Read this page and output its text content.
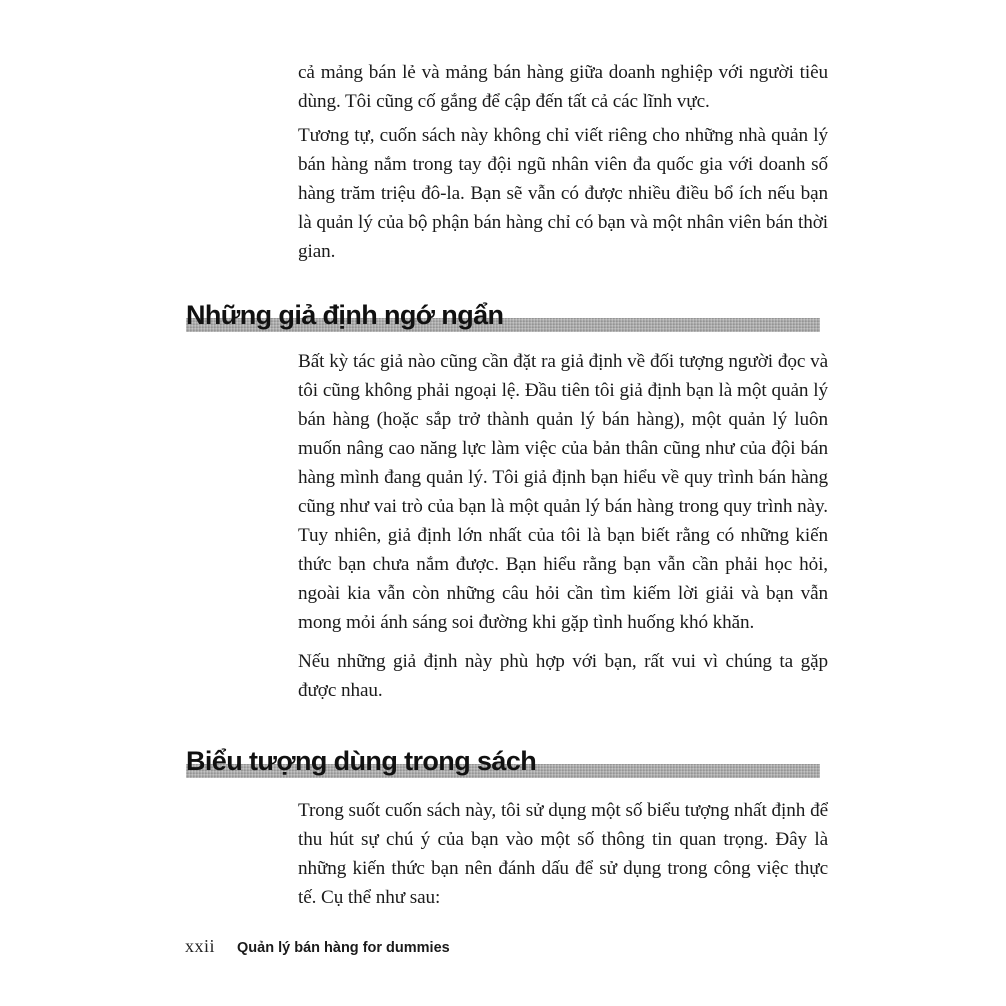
cả mảng bán lẻ và mảng bán hàng giữa doanh nghiệp với người tiêu dùng. Tôi cũng cố gắng để cập đến tất cả các lĩnh vực.

Tương tự, cuốn sách này không chỉ viết riêng cho những nhà quản lý bán hàng nắm trong tay đội ngũ nhân viên đa quốc gia với doanh số hàng trăm triệu đô-la. Bạn sẽ vẫn có được nhiều điều bổ ích nếu bạn là quản lý của bộ phận bán hàng chỉ có bạn và một nhân viên bán thời gian.

Những giả định ngớ ngẩn

Bất kỳ tác giả nào cũng cần đặt ra giả định về đối tượng người đọc và tôi cũng không phải ngoại lệ. Đầu tiên tôi giả định bạn là một quản lý bán hàng (hoặc sắp trở thành quản lý bán hàng), một quản lý luôn muốn nâng cao năng lực làm việc của bản thân cũng như của đội bán hàng mình đang quản lý. Tôi giả định bạn hiểu về quy trình bán hàng cũng như vai trò của bạn là một quản lý bán hàng trong quy trình này. Tuy nhiên, giả định lớn nhất của tôi là bạn biết rằng có những kiến thức bạn chưa nắm được. Bạn hiểu rằng bạn vẫn cần phải học hỏi, ngoài kia vẫn còn những câu hỏi cần tìm kiếm lời giải và bạn vẫn mong mỏi ánh sáng soi đường khi gặp tình huống khó khăn.

Nếu những giả định này phù hợp với bạn, rất vui vì chúng ta gặp được nhau.

Biểu tượng dùng trong sách

Trong suốt cuốn sách này, tôi sử dụng một số biểu tượng nhất định để thu hút sự chú ý của bạn vào một số thông tin quan trọng. Đây là những kiến thức bạn nên đánh dấu để sử dụng trong công việc thực tế. Cụ thể như sau:

xxii Quản lý bán hàng for dummies
